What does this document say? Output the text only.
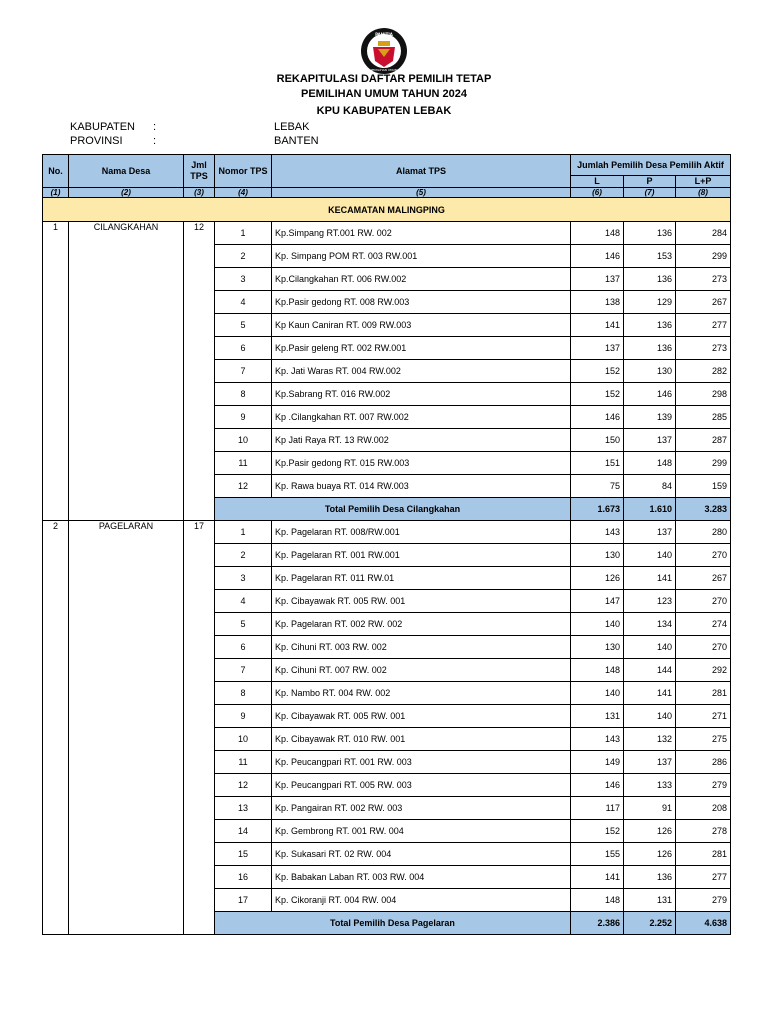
PANITIA
PEMILIHAN UMUM
REKAPITULASI DAFTAR PEMILIH TETAP
PEMILIHAN UMUM TAHUN 2024
KPU KABUPATEN LEBAK
KABUPATEN :	LEBAK
PROVINSI	:	BANTEN
No.	Nama Desa	Jml TPS	Nomor TPS	Alamat TPS	Jumlah Pemilih Desa Pemilih Aktif		
					L	P	L+P
(1)	(2)	(3)	(4)	(5)	(6)	(7)	(8)
KECAMATAN MALINGPING							
1	CILANGKAHAN	12	1	Kp.Simpang RT.001 RW. 002	148	136	284
			2	Kp. Simpang POM RT. 003 RW.001	146	153	299
			3	Kp.Cilangkahan RT. 006 RW.002	137	136	273
			4	Kp.Pasir gedong RT. 008 RW.003	138	129	267
			5	Kp Kaun Caniran RT. 009 RW.003	141	136	277
			6	Kp.Pasir geleng RT. 002 RW.001	137	136	273
			7	Kp. Jati Waras RT. 004 RW.002	152	130	282
			8	Kp.Sabrang RT. 016 RW.002	152	146	298
			9	Kp .Cilangkahan RT. 007 RW.002	146	139	285
			10	Kp Jati Raya RT. 13 RW.002	150	137	287
			11	Kp.Pasir gedong RT. 015 RW.003	151	148	299
			12	Kp. Rawa buaya RT. 014 RW.003	75	84	159
			Total Pemilih Desa Cilangkahan		1.673	1.610	3.283
2	PAGELARAN	17	1	Kp. Pagelaran RT. 008/RW.001	143	137	280
			2	Kp. Pagelaran RT. 001 RW.001	130	140	270
			3	Kp. Pagelaran RT. 011 RW.01	126	141	267
			4	Kp. Cibayawak RT. 005 RW. 001	147	123	270
			5	Kp. Pagelaran RT. 002 RW. 002	140	134	274
			6	Kp. Cihuni RT. 003 RW. 002	130	140	270
			7	Kp. Cihuni RT. 007 RW. 002	148	144	292
			8	Kp. Nambo RT. 004 RW. 002	140	141	281
			9	Kp. Cibayawak RT. 005 RW. 001	131	140	271
			10	Kp. Cibayawak RT. 010 RW. 001	143	132	275
			11	Kp. Peucangpari RT. 001 RW. 003	149	137	286
			12	Kp. Peucangpari RT. 005 RW. 003	146	133	279
			13	Kp. Pangairan RT. 002 RW. 003	117	91	208
			14	Kp. Gembrong RT. 001 RW. 004	152	126	278
			15	Kp. Sukasari RT. 02 RW. 004	155	126	281
			16	Kp. Babakan Laban RT. 003 RW. 004	141	136	277
			17	Kp. Cikoranji RT. 004 RW. 004	148	131	279
			Total Pemilih Desa Pagelaran		2.386	2.252	4.638
